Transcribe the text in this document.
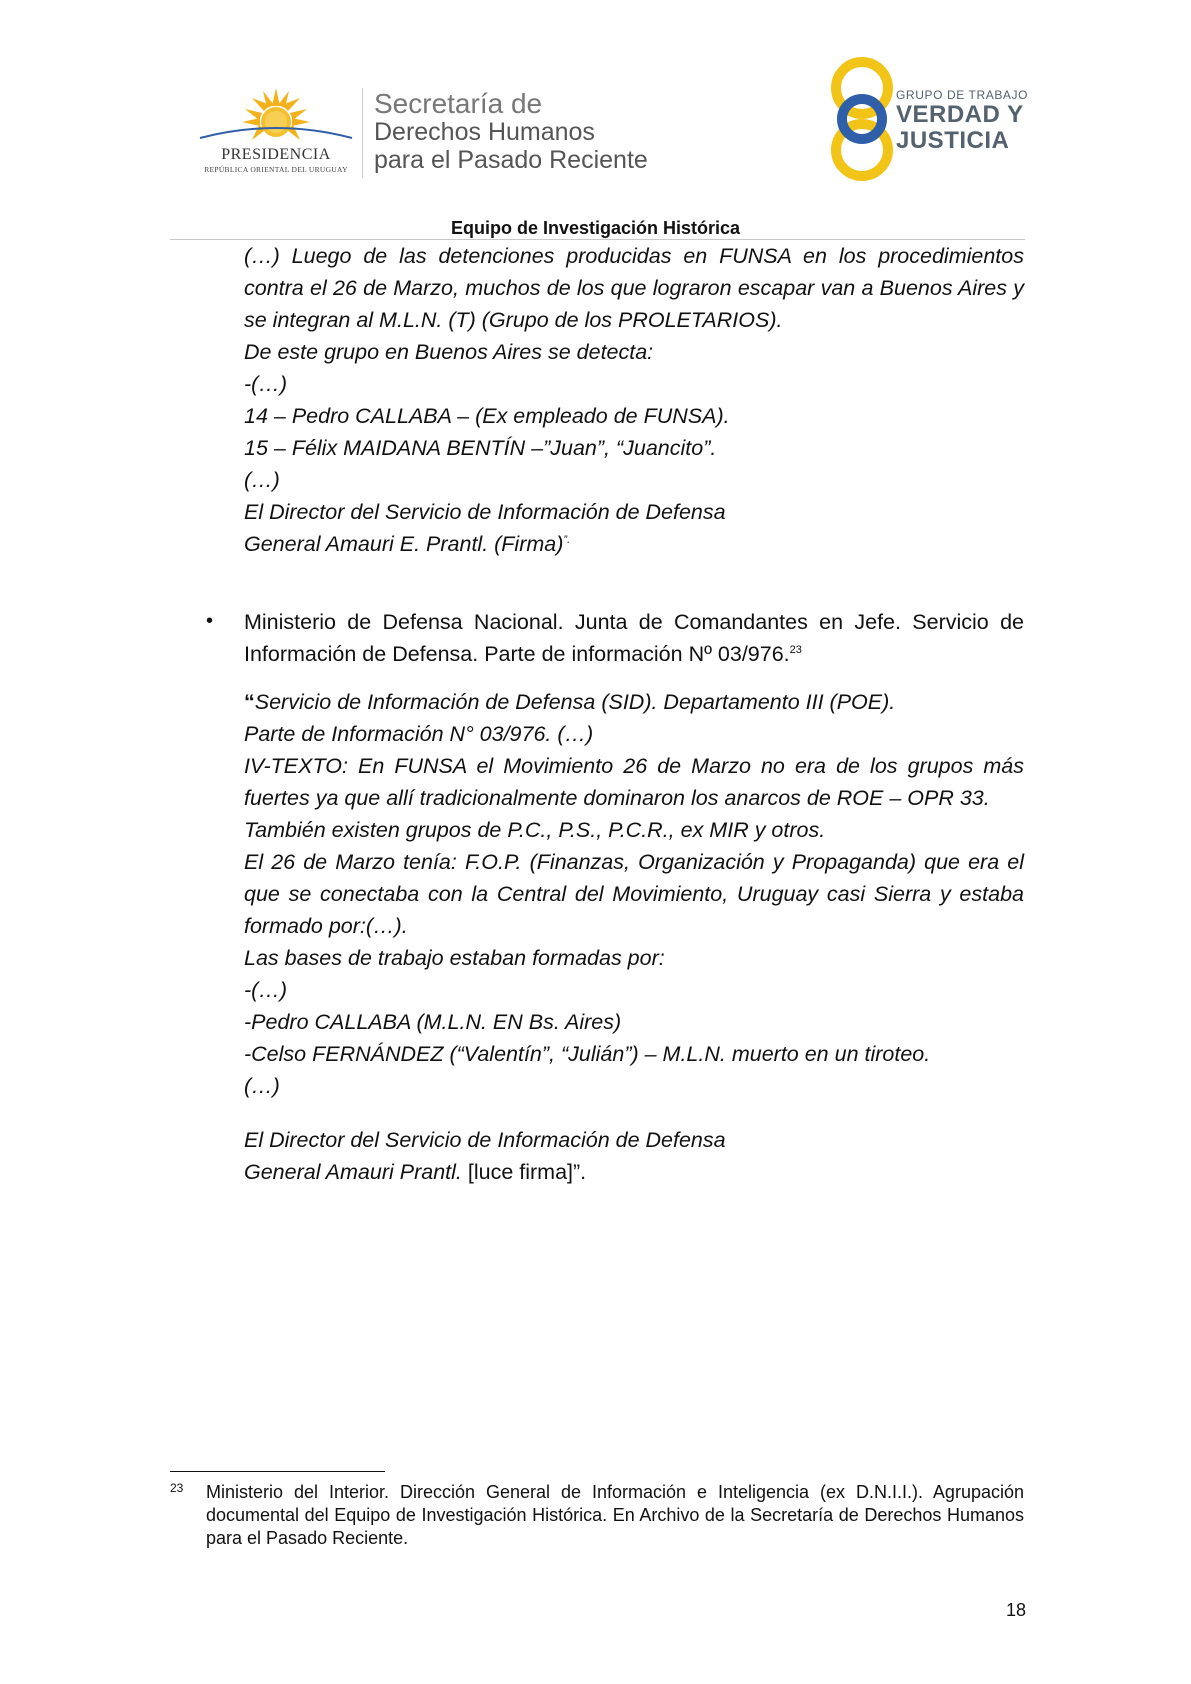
PRESIDENCIA
REPÚBLICA ORIENTAL DEL URUGUAY
Secretaría de
Derechos Humanos
para el Pasado Reciente
GRUPO DE TRABAJO
VERDAD Y
JUSTICIA
Equipo de Investigación Histórica

(…) Luego de las detenciones producidas en FUNSA en los procedimientos contra el 26 de Marzo, muchos de los que lograron escapar van a Buenos Aires y se integran al M.L.N. (T) (Grupo de los PROLETARIOS).

De este grupo en Buenos Aires se detecta:

-(…)

14 – Pedro CALLABA – (Ex empleado de FUNSA).

15 – Félix MAIDANA BENTÍN –”Juan”, “Juancito”.

(…)

El Director del Servicio de Información de Defensa

General Amauri E. Prantl. (Firma)”.

• Ministerio de Defensa Nacional. Junta de Comandantes en Jefe. Servicio de Información de Defensa. Parte de información Nº 03/976.23

“Servicio de Información de Defensa (SID). Departamento III (POE).

Parte de Información N° 03/976. (…)

IV-TEXTO: En FUNSA el Movimiento 26 de Marzo no era de los grupos más fuertes ya que allí tradicionalmente dominaron los anarcos de ROE – OPR 33.

También existen grupos de P.C., P.S., P.C.R., ex MIR y otros.

El 26 de Marzo tenía: F.O.P. (Finanzas, Organización y Propaganda) que era el que se conectaba con la Central del Movimiento, Uruguay casi Sierra y estaba formado por:(…).

Las bases de trabajo estaban formadas por:

-(…)

-Pedro CALLABA (M.L.N. EN Bs. Aires)

-Celso FERNÁNDEZ (“Valentín”, “Julián”) – M.L.N. muerto en un tiroteo.

(…)

El Director del Servicio de Información de Defensa

General Amauri Prantl. [luce firma]”.

23 Ministerio del Interior. Dirección General de Información e Inteligencia (ex D.N.I.I.). Agrupación documental del Equipo de Investigación Histórica. En Archivo de la Secretaría de Derechos Humanos para el Pasado Reciente.
18
